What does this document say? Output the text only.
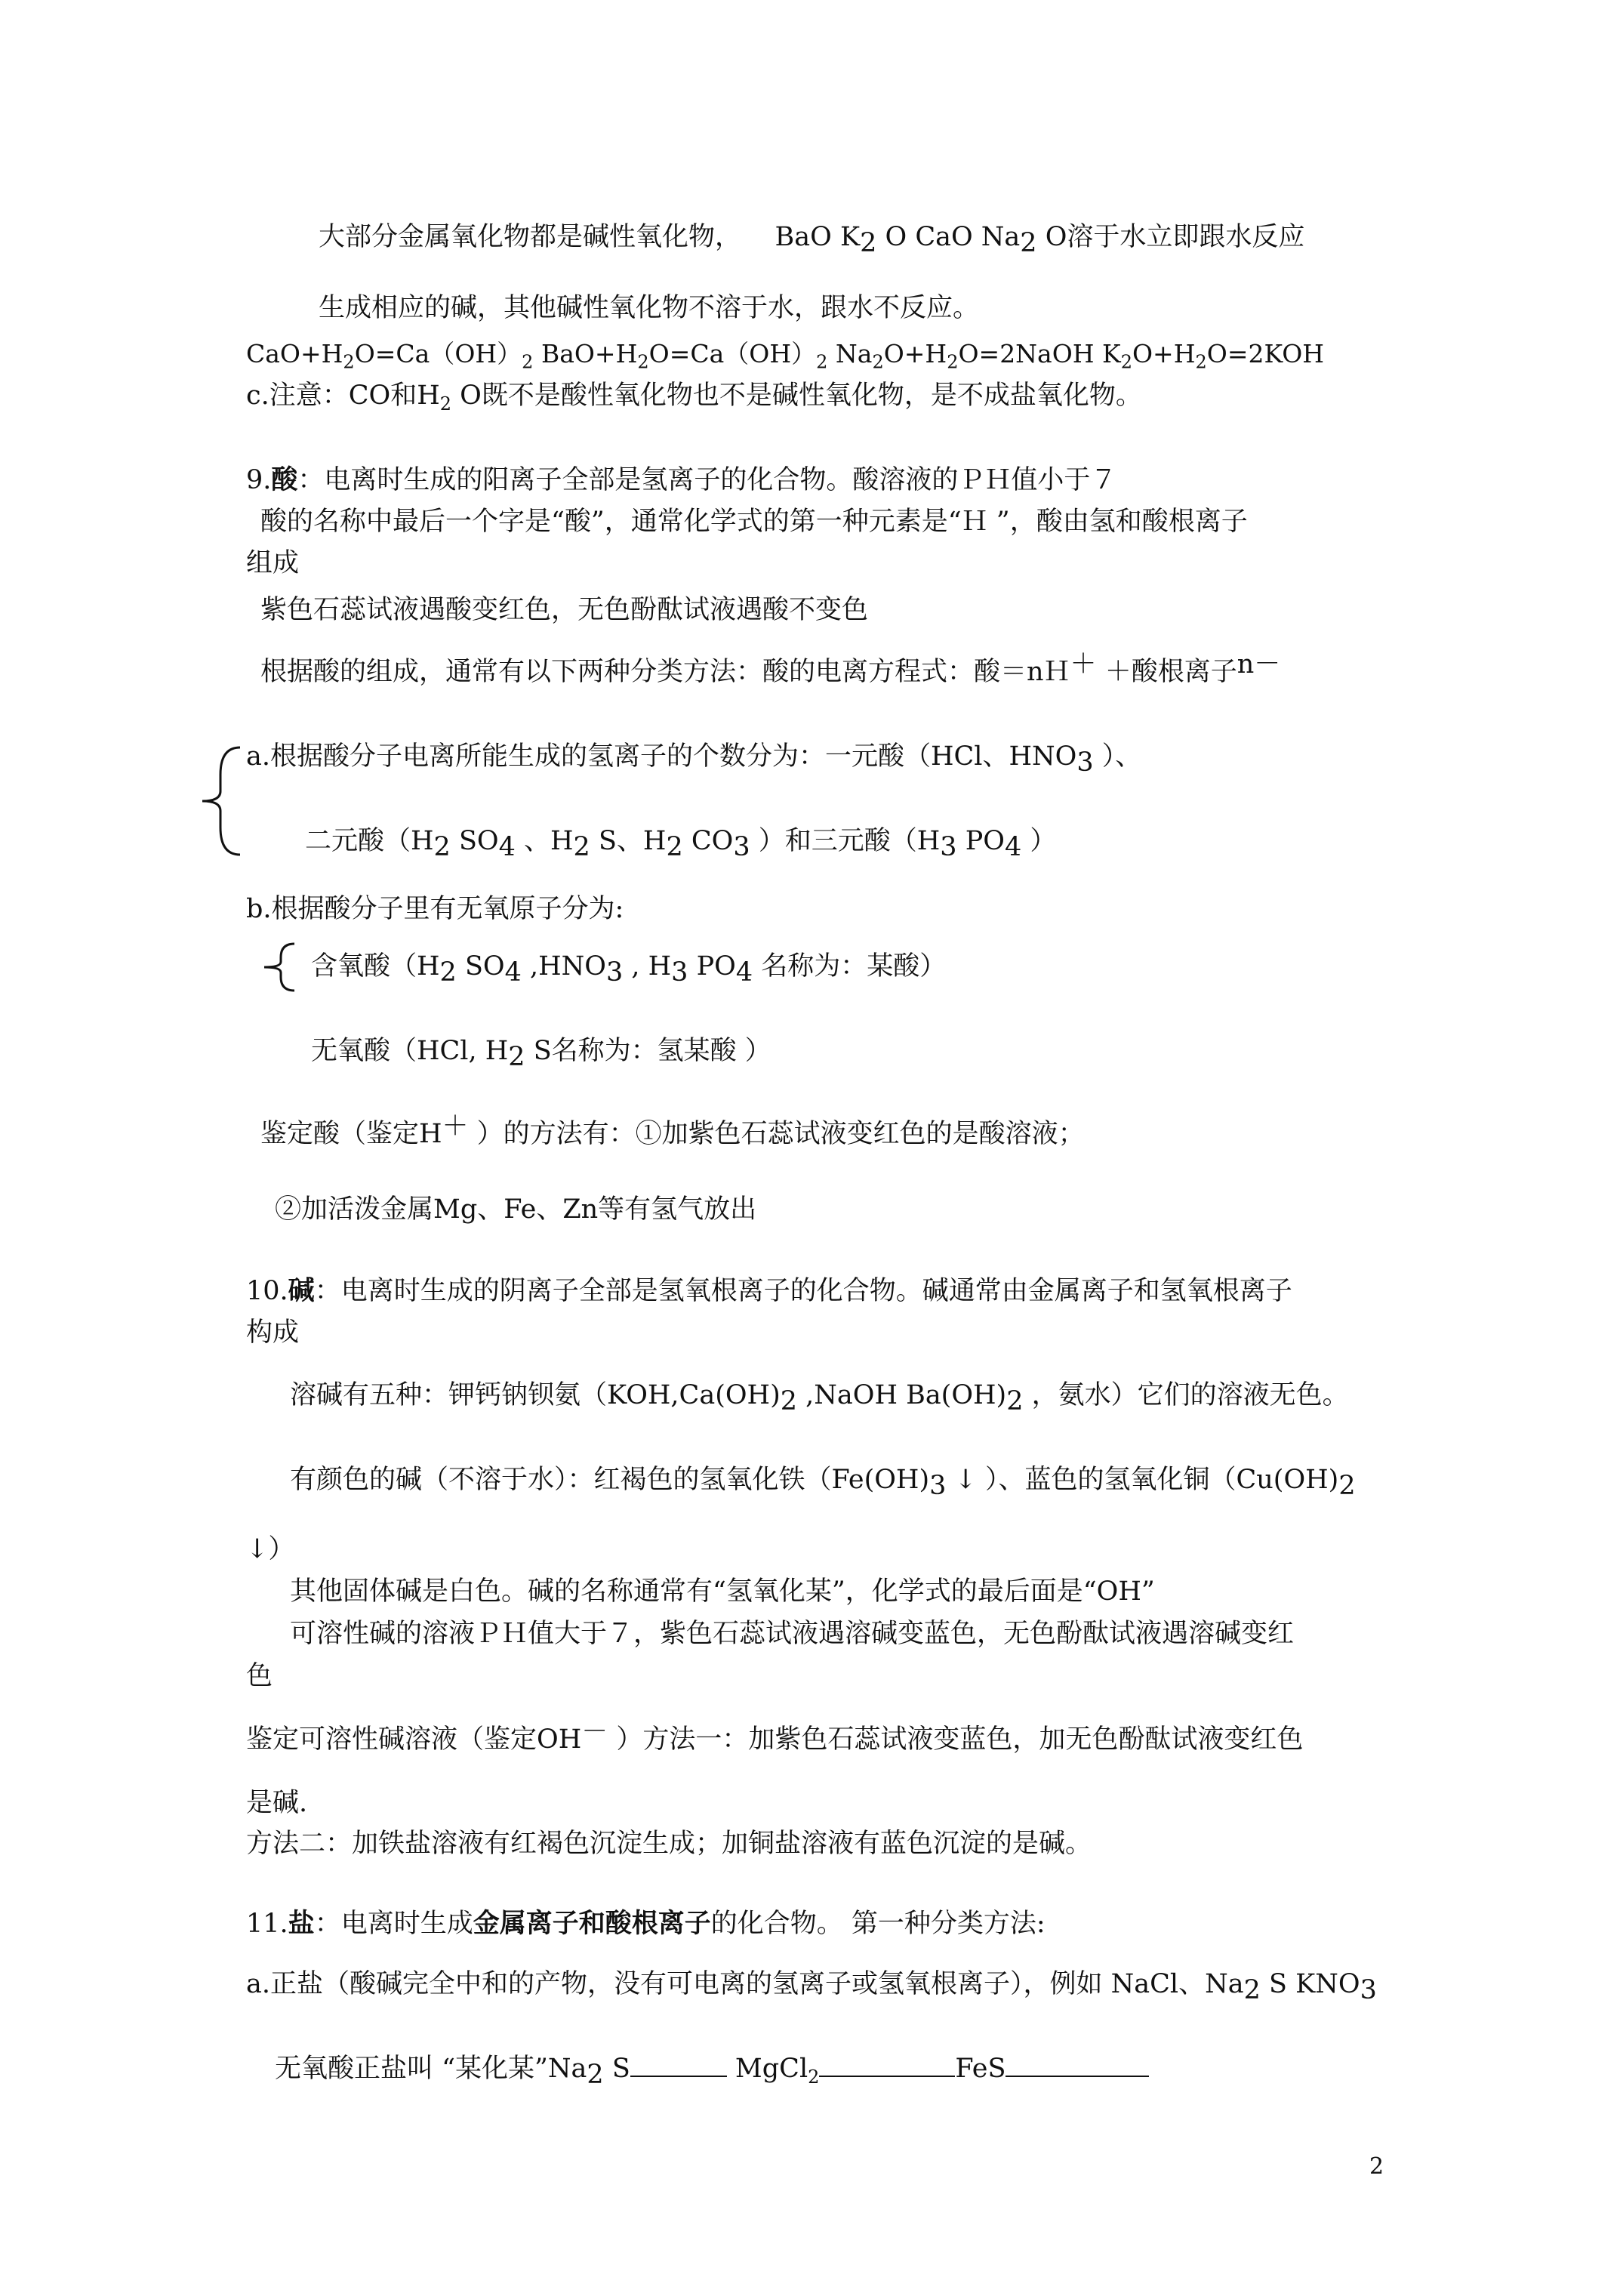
大部分金属氧化物都是碱性氧化物， BaO K2 O CaO Na2 O溶于水立即跟水反应
生成相应的碱，其他碱性氧化物不溶于水，跟水不反应。
$CaO+H_2O=Ca(OH)_2$ $BaO+H_2O=Ca(OH)_2$ $Na_2O+H_2O=2NaOH$ $K_2O+H_2O=2KOH$
c.注意：CO和$H_2$ O既不是酸性氧化物也不是碱性氧化物，是不成盐氧化物。
9.酸：电离时生成的阳离子全部是氢离子的化合物。酸溶液的ＰＨ值小于７
酸的名称中最后一个字是“酸”，通常化学式的第一种元素是“Ｈ ”，酸由氢和酸根离子
组成
紫色石蕊试液遇酸变红色，无色酚酞试液遇酸不变色
根据酸的组成，通常有以下两种分类方法：酸的电离方程式：酸＝nＨ＋ ＋酸根离子n－
a.根据酸分子电离所能生成的氢离子的个数分为：一元酸（HCl、HNO3 ）、
二元酸（H2 SO4 、H2 S、H2 CO3 ）和三元酸（H3 PO4 ）
b.根据酸分子里有无氧原子分为:
含氧酸（H2 SO4 ,HNO3 , H3 PO4 名称为：某酸）
无氧酸（HCl, H2 S名称为：氢某酸 ）
鉴定酸（鉴定H＋ ）的方法有：①加紫色石蕊试液变红色的是酸溶液；
②加活泼金属Mg、Fe、Zn等有氢气放出
10.碱：电离时生成的阴离子全部是氢氧根离子的化合物。碱通常由金属离子和氢氧根离子
构成
溶碱有五种：钾钙钠钡氨（KOH,Ca(OH)2 ,NaOH Ba(OH)2 ，氨水）它们的溶液无色。
有颜色的碱（不溶于水）：红褐色的氢氧化铁（Fe(OH)3 ↓ ）、蓝色的氢氧化铜（Cu(OH)2
↓）
其他固体碱是白色。碱的名称通常有“氢氧化某”，化学式的最后面是“OH”
可溶性碱的溶液ＰＨ值大于７，紫色石蕊试液遇溶碱变蓝色，无色酚酞试液遇溶碱变红
色
鉴定可溶性碱溶液（鉴定OH－ ）方法一：加紫色石蕊试液变蓝色，加无色酚酞试液变红色
是碱.
方法二：加铁盐溶液有红褐色沉淀生成；加铜盐溶液有蓝色沉淀的是碱。
11.盐：电离时生成金属离子和酸根离子的化合物。 第一种分类方法:
a.正盐（酸碱完全中和的产物，没有可电离的氢离子或氢氧根离子），例如 NaCl、Na2 S KNO3
无氧酸正盐叫 “某化某”Na2 S	MgCl$_2$	FeS
2
